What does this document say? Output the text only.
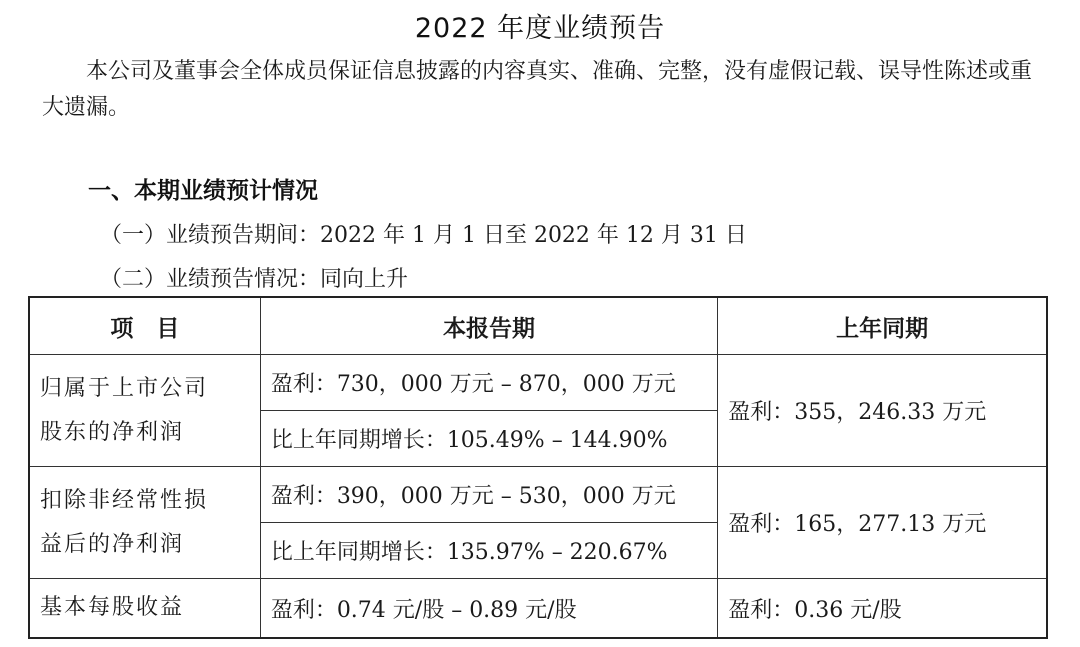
2022 年度业绩预告
本公司及董事会全体成员保证信息披露的内容真实、准确、完整，没有虚假记载、误导性陈述或重大遗漏。
一、本期业绩预计情况
（一）业绩预告期间：2022 年 1 月 1 日至 2022 年 12 月 31 日
（二）业绩预告情况：同向上升
项　目	本报告期	上年同期

归属于上市公司
股东的净利润	盈利：730，000 万元 – 870，000 万元	盈利：355，246.33 万元
	比上年同期增长：105.49% – 144.90%	

扣除非经常性损
益后的净利润	盈利：390，000 万元 – 530，000 万元	盈利：165，277.13 万元
	比上年同期增长：135.97% – 220.67%	
基本每股收益	盈利：0.74 元/股 – 0.89 元/股	盈利：0.36 元/股
